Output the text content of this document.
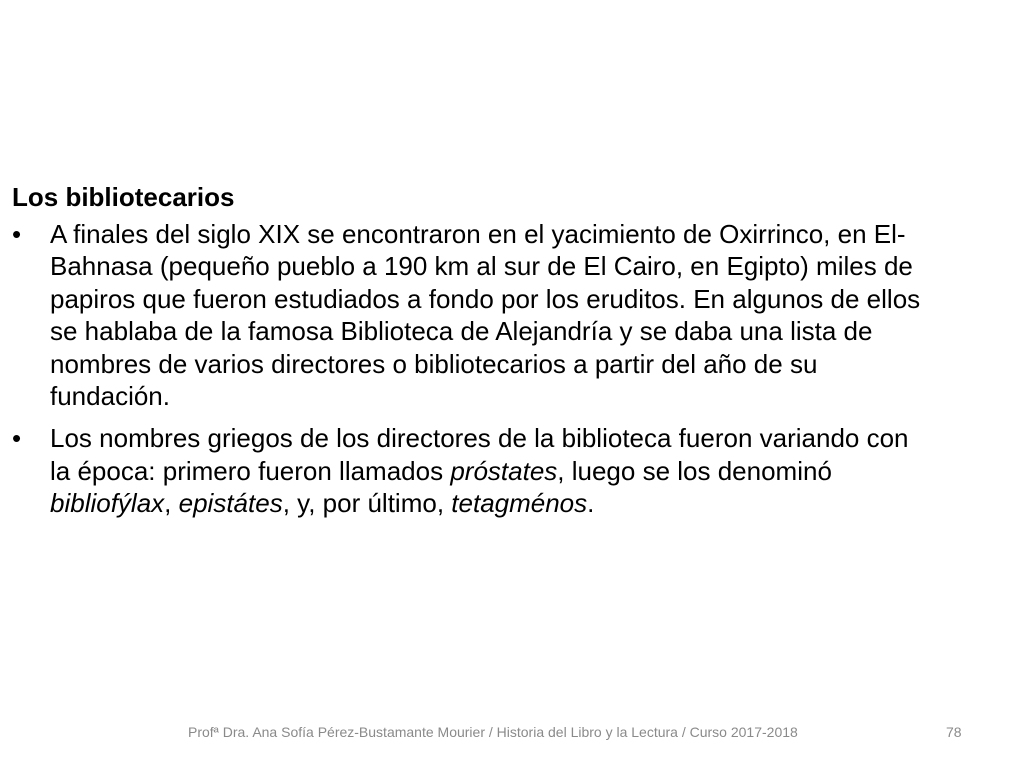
Los bibliotecarios
•	A finales del siglo XIX se encontraron en el yacimiento de Oxirrinco, en El-Bahnasa (pequeño pueblo a 190 km al sur de El Cairo, en Egipto) miles de papiros que fueron estudiados a fondo por los eruditos. En algunos de ellos se hablaba de la famosa Biblioteca de Alejandría y se daba una lista de nombres de varios directores o bibliotecarios a partir del año de su fundación.
•	Los nombres griegos de los directores de la biblioteca fueron variando con la época: primero fueron llamados próstates, luego se los denominó bibliofýlax, epistátes, y, por último, tetagménos.
Profª Dra. Ana Sofía Pérez-Bustamante Mourier / Historia del Libro y la Lectura / Curso 2017-2018	78
